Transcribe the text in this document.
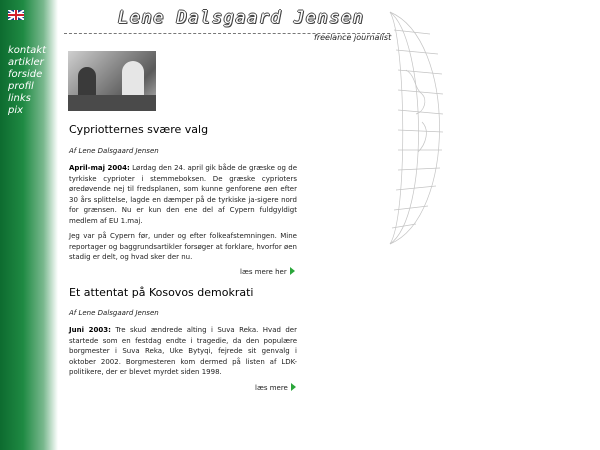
kontakt
artikler
forside
profil
links
pix
Lene Dalsgaard Jensen
freelance journalist
Cypriotternes svære valg

Af Lene Dalsgaard Jensen

April-maj 2004: Lørdag den 24. april gik både de græske og de tyrkiske cyprioter i stemmeboksen. De græske cyprioters øredøvende nej til fredsplanen, som kunne genforene øen efter 30 års splittelse, lagde en dæmper på de tyrkiske ja-sigere nord for grænsen. Nu er kun den ene del af Cypern fuldgyldigt medlem af EU 1.maj.

Jeg var på Cypern før, under og efter folkeafstemningen. Mine reportager og baggrundsartikler forsøger at forklare, hvorfor øen stadig er delt, og hvad sker der nu.

læs mere her
Et attentat på Kosovos demokrati

Af Lene Dalsgaard Jensen

Juni 2003: Tre skud ændrede alting i Suva Reka. Hvad der startede som en festdag endte i tragedie, da den populære borgmester i Suva Reka, Uke Bytyqi, fejrede sit genvalg i oktober 2002. Borgmesteren kom dermed på listen af LDK-politikere, der er blevet myrdet siden 1998.

læs mere
